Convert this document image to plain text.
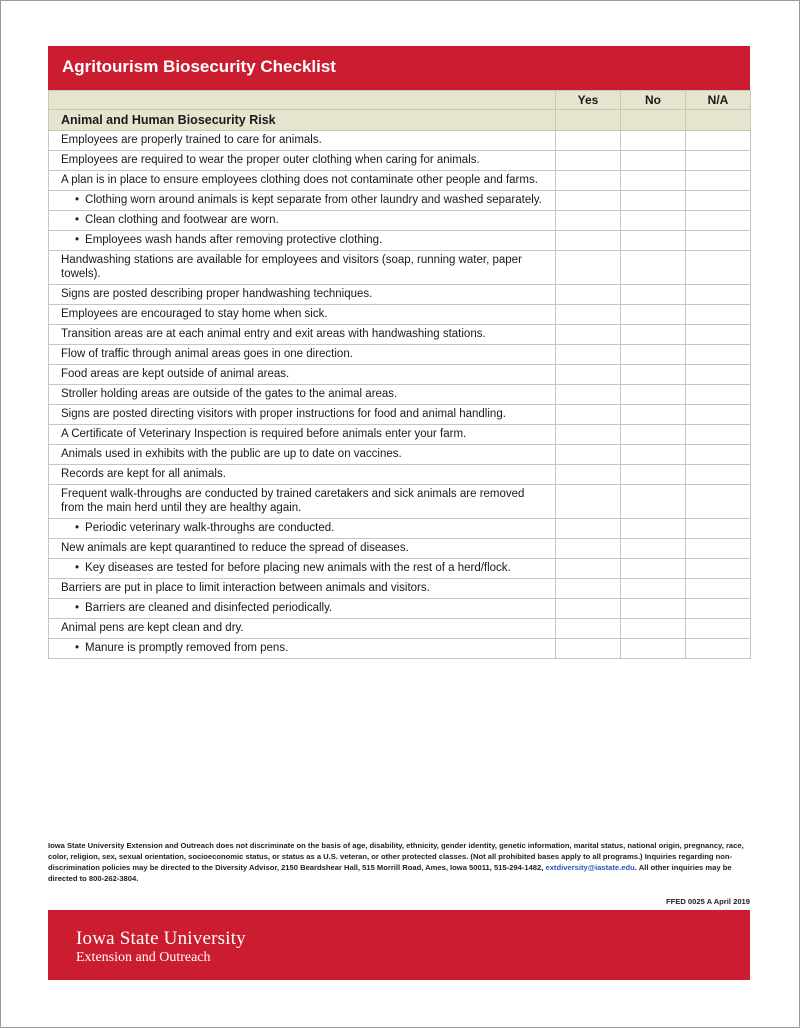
Agritourism Biosecurity Checklist
	Yes	No	N/A
Animal and Human Biosecurity Risk			
Employees are properly trained to care for animals.			
Employees are required to wear the proper outer clothing when caring for animals.			
A plan is in place to ensure employees clothing does not contaminate other people and farms.			
• Clothing worn around animals is kept separate from other laundry and washed separately.			
• Clean clothing and footwear are worn.			
• Employees wash hands after removing protective clothing.			
Handwashing stations are available for employees and visitors (soap, running water, paper towels).			
Signs are posted describing proper handwashing techniques.			
Employees are encouraged to stay home when sick.			
Transition areas are at each animal entry and exit areas with handwashing stations.			
Flow of traffic through animal areas goes in one direction.			
Food areas are kept outside of animal areas.			
Stroller holding areas are outside of the gates to the animal areas.			
Signs are posted directing visitors with proper instructions for food and animal handling.			
A Certificate of Veterinary Inspection is required before animals enter your farm.			
Animals used in exhibits with the public are up to date on vaccines.			
Records are kept for all animals.			
Frequent walk-throughs are conducted by trained caretakers and sick animals are removed from the main herd until they are healthy again.			
• Periodic veterinary walk-throughs are conducted.			
New animals are kept quarantined to reduce the spread of diseases.			
• Key diseases are tested for before placing new animals with the rest of a herd/flock.			
Barriers are put in place to limit interaction between animals and visitors.			
• Barriers are cleaned and disinfected periodically.			
Animal pens are kept clean and dry.			
• Manure is promptly removed from pens.			
Iowa State University Extension and Outreach does not discriminate on the basis of age, disability, ethnicity, gender identity, genetic information, marital status, national origin, pregnancy, race, color, religion, sex, sexual orientation, socioeconomic status, or status as a U.S. veteran, or other protected classes. (Not all prohibited bases apply to all programs.) Inquiries regarding non-discrimination policies may be directed to the Diversity Advisor, 2150 Beardshear Hall, 515 Morrill Road, Ames, Iowa 50011, 515-294-1482, extdiversity@iastate.edu. All other inquiries may be directed to 800-262-3804.
FFED 0025 A April 2019
Iowa State University
Extension and Outreach
